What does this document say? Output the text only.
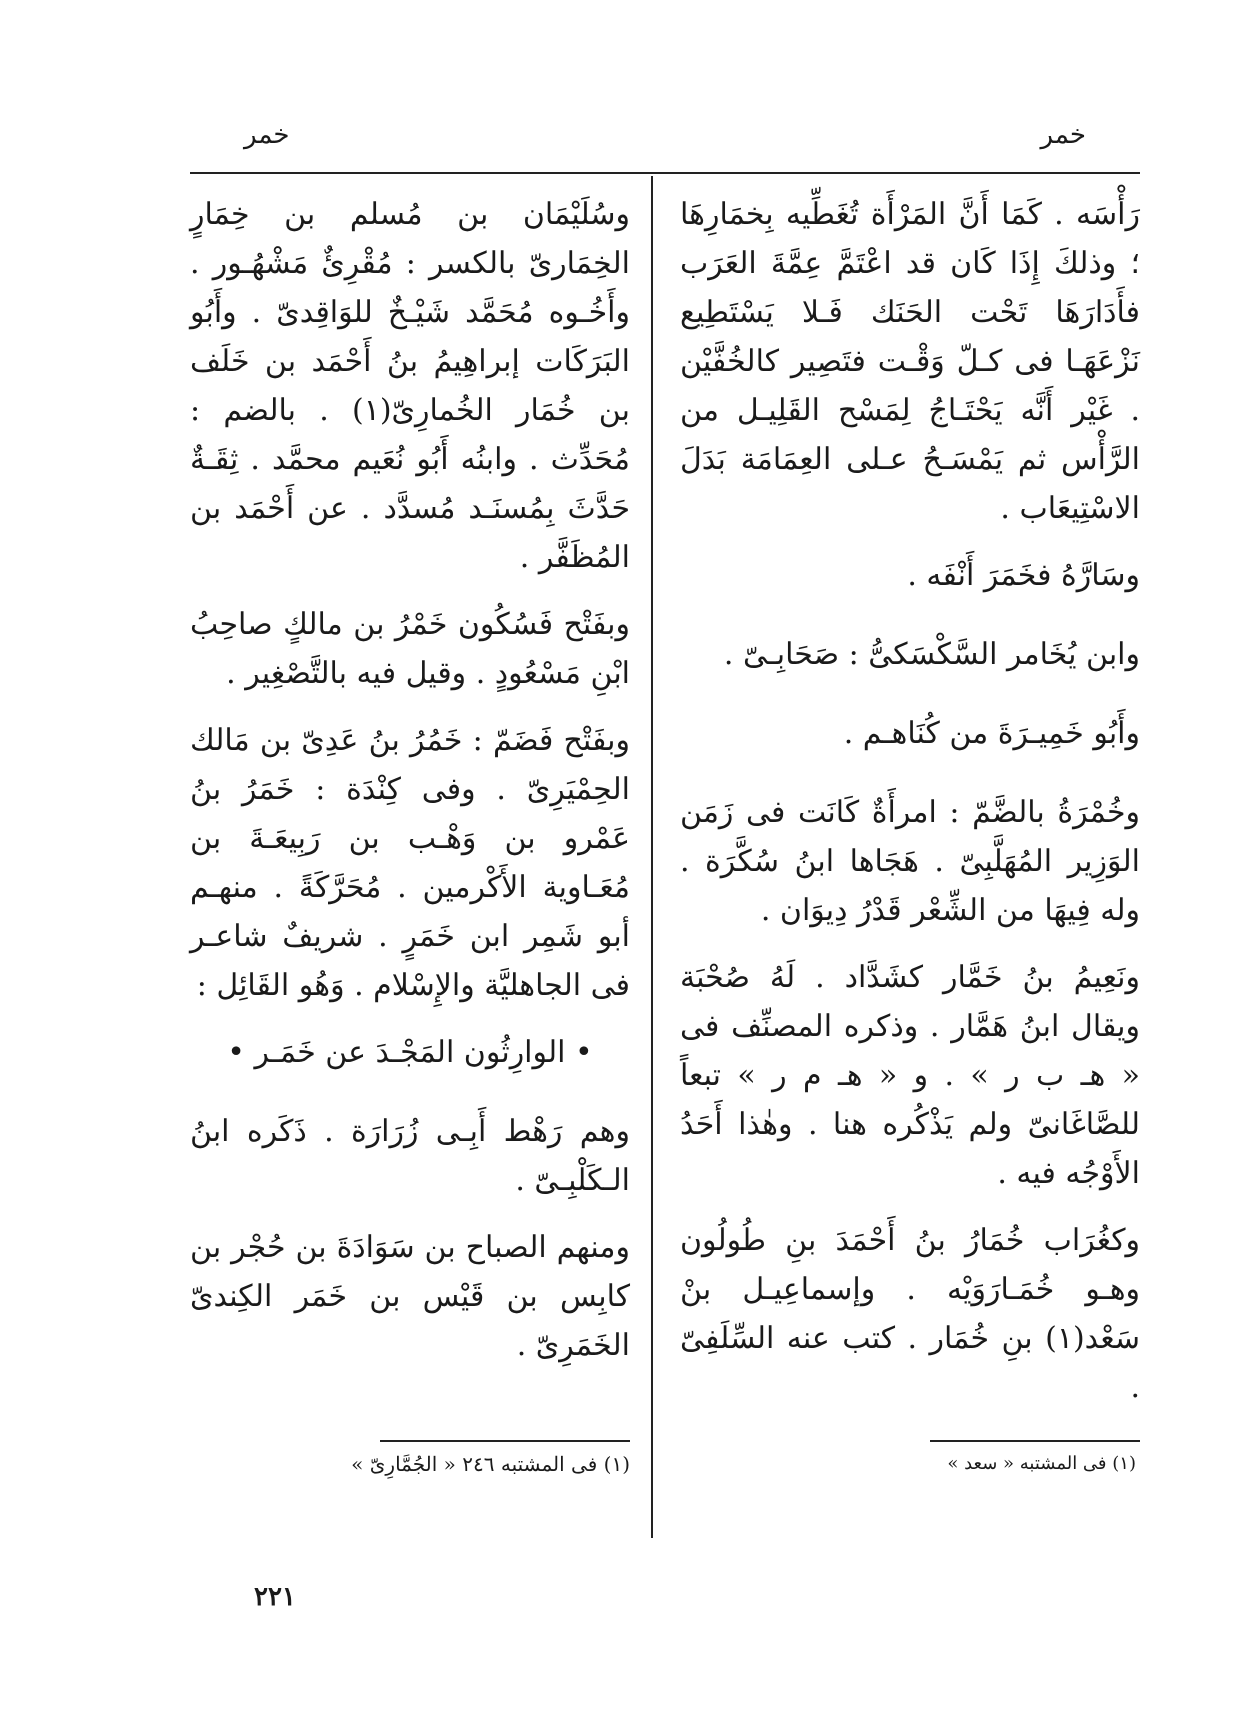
خمر
خمر

رَأْسَه . كَمَا أَنَّ المَرْأَة تُغَطِّيه بِخمَارِهَا ؛ وذلكَ إِذَا كَان قد اعْتَمَّ عِمَّةَ العَرَب فأَدَارَهَا تَحْت الحَنَك فَـلا يَسْتَطِيع نَزْعَهَـا فى كـلّ وَقْـت فتَصِير كالخُفَّيْن . غَيْر أَنَّه يَحْتَـاجُ لِمَسْح القَلِيـل من الرَّأْس ثم يَمْسَـحُ عـلى العِمَامَة بَدَلَ الاسْتِيعَاب .

وسَارَّهُ فخَمَرَ أَنْفَه .

وابن يُخَامر السَّكْسَكىُّ : صَحَابِـىّ .

وأَبُو خَمِيـرَةَ من كُنَاهـم .

وخُمْرَةُ بالضَّمّ : امرأَةٌ كَانَت فى زَمَن الوَزِير المُهَلَّبِىّ . هَجَاها ابنُ سُكَّرَة . وله فِيهَا من الشِّعْر قَدْرُ دِيوَان .

ونَعِيمُ بنُ خَمَّار كشَدَّاد . لَهُ صُحْبَة ويقال ابنُ هَمَّار . وذكره المصنِّف فى « هـ ب ر » . و « هـ م ر » تبعاً للصَّاغَانىّ ولم يَذْكُره هنا . وهٰذا أَحَدُ الأَوْجُه فيه .

وكغُرَاب خُمَارُ بنُ أَحْمَدَ بنِ طُولُون وهـو خُمَـارَوَيْه . وإسماعِيـل بنْ سَعْد(١) بنِ خُمَار . كتب عنه السِّلَفِىّ .

وسُلَيْمَان بن مُسلم بن خِمَارٍ الخِمَارىّ بالكسر : مُقْرِئٌ مَشْهُـور . وأَخُـوه مُحَمَّد شَيْـخٌ للوَاقِدىّ . وأَبُو البَرَكَات إبراهِيمُ بنُ أَحْمَد بن خَلَف بن خُمَار الخُمارِىّ(١) . بالضم : مُحَدِّث . وابنُه أَبُو نُعَيم محمَّد . ثِقَـةٌ حَدَّثَ بِمُسنَـد مُسدَّد . عن أَحْمَد بن المُظَفَّر .

وبفَتْح فَسُكُون خَمْرُ بن مالكٍ صاحِبُ ابْنِ مَسْعُودٍ . وقيل فيه بالتَّصْغِير .

وبفَتْح فَضَمّ : خَمُرُ بنُ عَدِىّ بن مَالك الحِمْيَرِىّ . وفى كِنْدَة : خَمَرُ بنُ عَمْرو بن وَهْـب بن رَبِيعَـةَ بن مُعَـاوية الأَكْرمين . مُحَرَّكَةً . منهـم أبو شَمِر ابن خَمَرٍ . شريفٌ شاعـر فى الجاهليَّة والإِسْلام . وَهُو القَائِل :

• الوارِثُون المَجْـدَ عن خَمَـر •

وهم رَهْط أَبِـى زُرَارَة . ذَكَره ابنُ الـكَلْبِـىّ .

ومنهم الصباح بن سَوَادَةَ بن حُجْر بن كابِس بن قَيْس بن خَمَر الكِندىّ الخَمَرِىّ .

(١) فى المشتبه « سعد »
(١) فى المشتبه ٢٤٦ « الجُمَّارِىّ »
٢٢١
